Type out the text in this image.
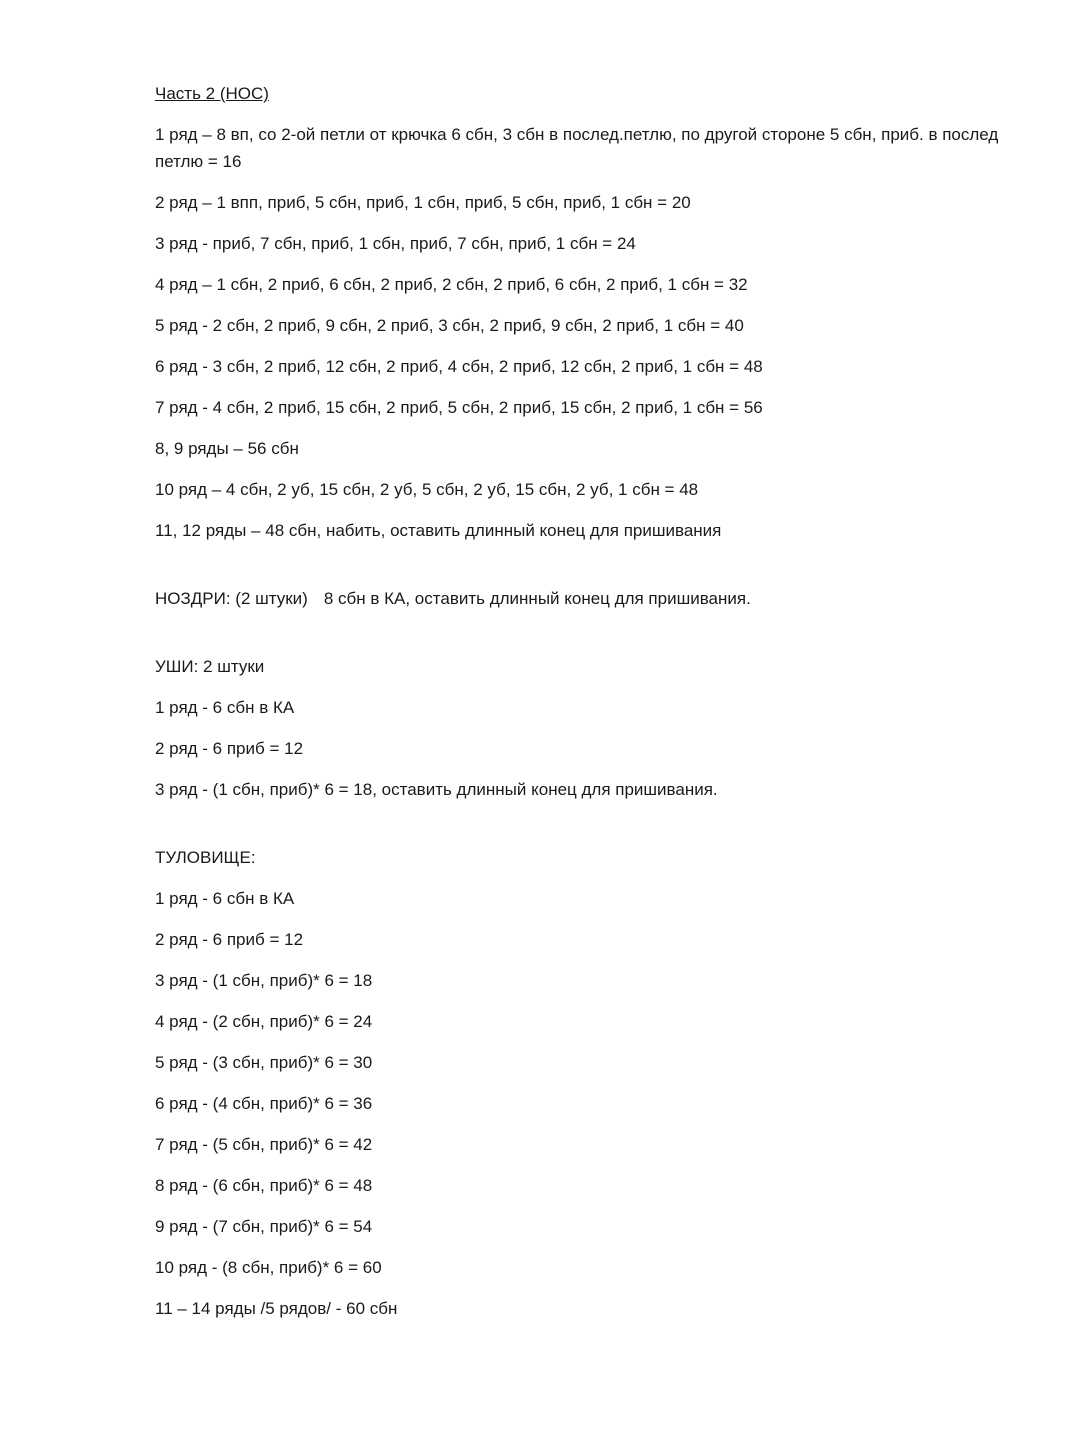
Часть 2 (НОС)
1 ряд – 8 вп, со 2-ой петли от крючка 6 сбн, 3 сбн в послед.петлю, по другой стороне 5 сбн, приб. в послед петлю = 16
2 ряд – 1 впп, приб, 5 сбн, приб, 1 сбн, приб, 5 сбн, приб, 1 сбн = 20
3 ряд - приб, 7 сбн, приб, 1 сбн, приб, 7 сбн, приб, 1 сбн = 24
4 ряд – 1 сбн, 2 приб, 6 сбн, 2 приб, 2 сбн, 2 приб, 6 сбн, 2 приб, 1 сбн = 32
5 ряд - 2 сбн, 2 приб, 9 сбн, 2 приб, 3 сбн, 2 приб, 9 сбн, 2 приб, 1 сбн = 40
6 ряд - 3 сбн, 2 приб, 12 сбн, 2 приб, 4 сбн, 2 приб, 12 сбн, 2 приб, 1 сбн = 48
7 ряд - 4 сбн, 2 приб, 15 сбн, 2 приб, 5 сбн, 2 приб, 15 сбн, 2 приб, 1 сбн = 56
8, 9 ряды – 56 сбн
10 ряд – 4 сбн, 2 уб, 15 сбн, 2 уб, 5 сбн, 2 уб, 15 сбн, 2 уб, 1 сбн = 48
11, 12 ряды – 48 сбн, набить, оставить длинный конец для пришивания
НОЗДРИ: (2 штуки) 8 сбн в КА, оставить длинный конец для пришивания.
УШИ: 2 штуки
1 ряд - 6 сбн в КА
2 ряд - 6 приб = 12
3 ряд - (1 сбн, приб)* 6 = 18, оставить длинный конец для пришивания.
ТУЛОВИЩЕ:
1 ряд - 6 сбн в КА
2 ряд - 6 приб = 12
3 ряд - (1 сбн, приб)* 6 = 18
4 ряд - (2 сбн, приб)* 6 = 24
5 ряд - (3 сбн, приб)* 6 = 30
6 ряд - (4 сбн, приб)* 6 = 36
7 ряд - (5 сбн, приб)* 6 = 42
8 ряд - (6 сбн, приб)* 6 = 48
9 ряд - (7 сбн, приб)* 6 = 54
10 ряд - (8 сбн, приб)* 6 = 60
11 – 14 ряды /5 рядов/ - 60 сбн
